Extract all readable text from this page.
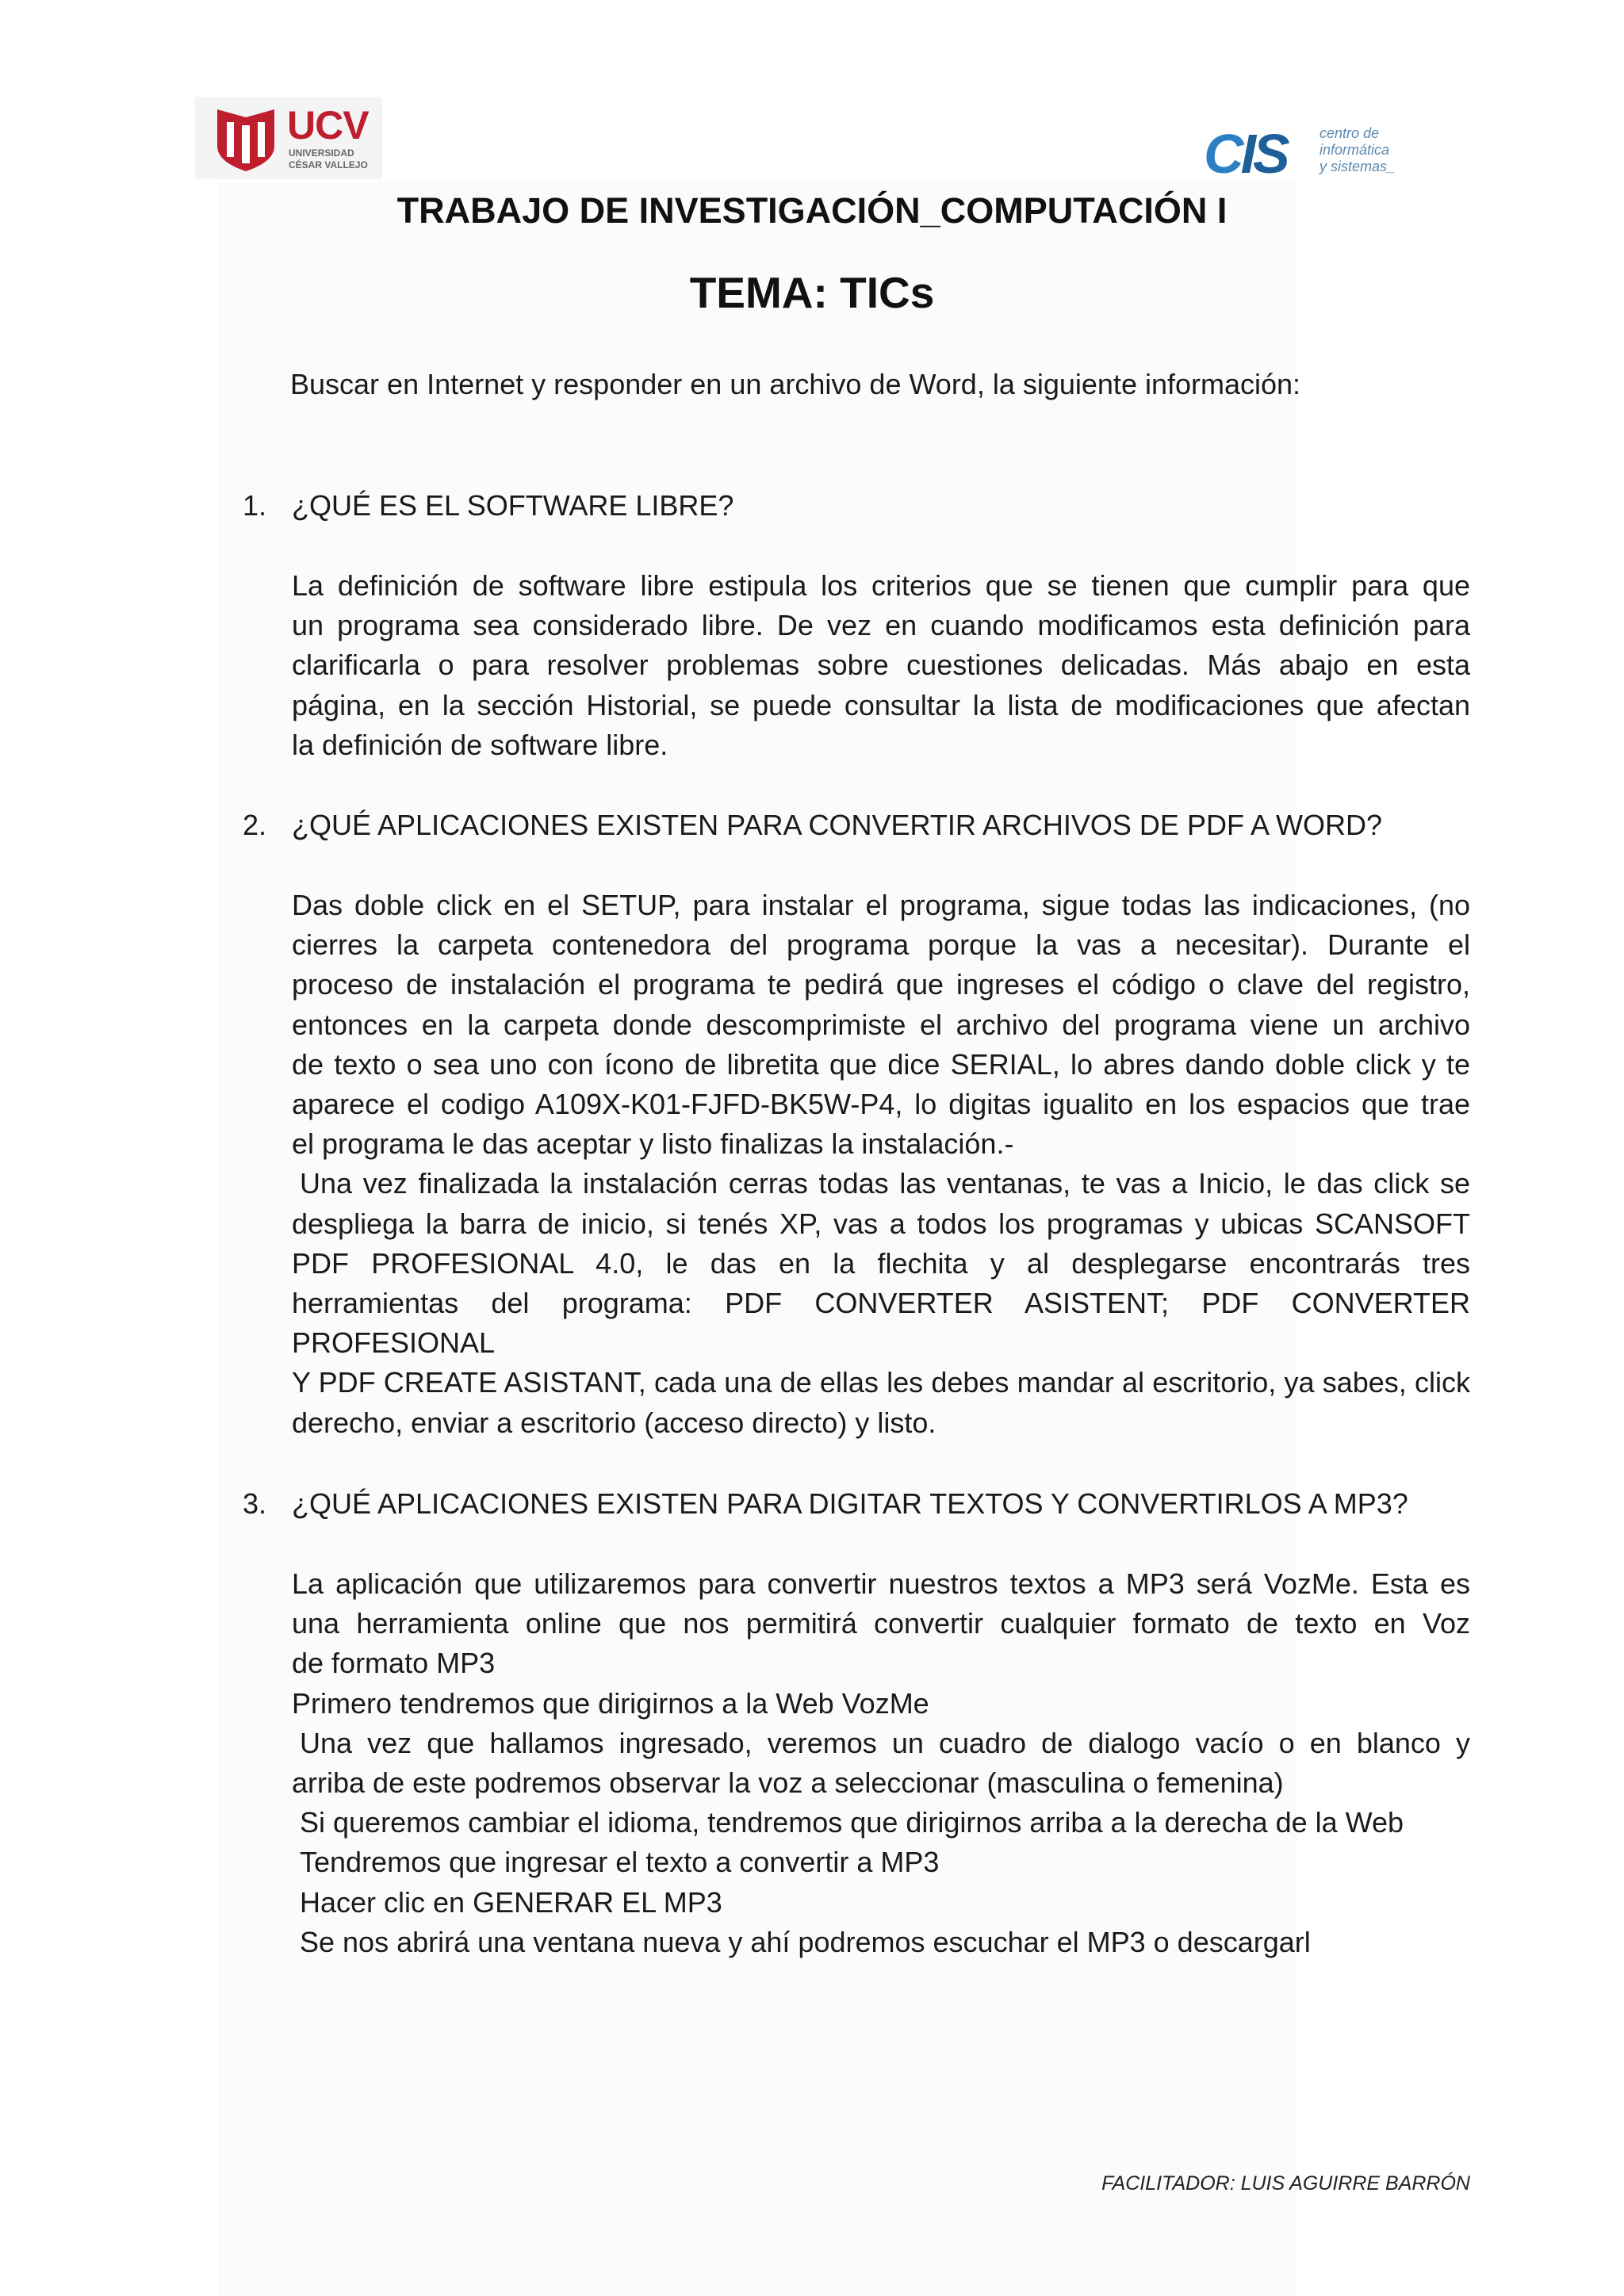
UCV
UNIVERSIDAD
CÉSAR VALLEJO	CIS centro de
informática
y sistemas_
TRABAJO DE INVESTIGACIÓN_COMPUTACIÓN I
TEMA: TICs

Buscar en Internet y responder en un archivo de Word, la siguiente información:

1. ¿QUÉ ES EL SOFTWARE LIBRE?
La definición de software libre estipula los criterios que se tienen que cumplir para que
un programa sea considerado libre. De vez en cuando modificamos esta definición para
clarificarla o para resolver problemas sobre cuestiones delicadas. Más abajo en esta
página, en la sección Historial, se puede consultar la lista de modificaciones que afectan
la definición de software libre.
2. ¿QUÉ APLICACIONES EXISTEN PARA CONVERTIR ARCHIVOS DE PDF A WORD?
Das doble click en el SETUP, para instalar el programa, sigue todas las indicaciones, (no
cierres la carpeta contenedora del programa porque la vas a necesitar). Durante el
proceso de instalación el programa te pedirá que ingreses el código o clave del registro,
entonces en la carpeta donde descomprimiste el archivo del programa viene un archivo
de texto o sea uno con ícono de libretita que dice SERIAL, lo abres dando doble click y te
aparece el codigo A109X-K01-FJFD-BK5W-P4, lo digitas igualito en los espacios que trae
el programa le das aceptar y listo finalizas la instalación.-
Una vez finalizada la instalación cerras todas las ventanas, te vas a Inicio, le das click se
despliega la barra de inicio, si tenés XP, vas a todos los programas y ubicas SCANSOFT
PDF PROFESIONAL 4.0, le das en la flechita y al desplegarse encontrarás tres
herramientas del programa: PDF CONVERTER ASISTENT; PDF CONVERTER PROFESIONAL
Y PDF CREATE ASISTANT, cada una de ellas les debes mandar al escritorio, ya sabes, click
derecho, enviar a escritorio (acceso directo) y listo.
3. ¿QUÉ APLICACIONES EXISTEN PARA DIGITAR TEXTOS Y CONVERTIRLOS A MP3?
La aplicación que utilizaremos para convertir nuestros textos a MP3 será VozMe. Esta es
una herramienta online que nos permitirá convertir cualquier formato de texto en Voz
de formato MP3
Primero tendremos que dirigirnos a la Web VozMe
Una vez que hallamos ingresado, veremos un cuadro de dialogo vacío o en blanco y
arriba de este podremos observar la voz a seleccionar (masculina o femenina)
Si queremos cambiar el idioma, tendremos que dirigirnos arriba a la derecha de la Web
Tendremos que ingresar el texto a convertir a MP3
Hacer clic en GENERAR EL MP3
Se nos abrirá una ventana nueva y ahí podremos escuchar el MP3 o descargarl
FACILITADOR: LUIS AGUIRRE BARRÓN
